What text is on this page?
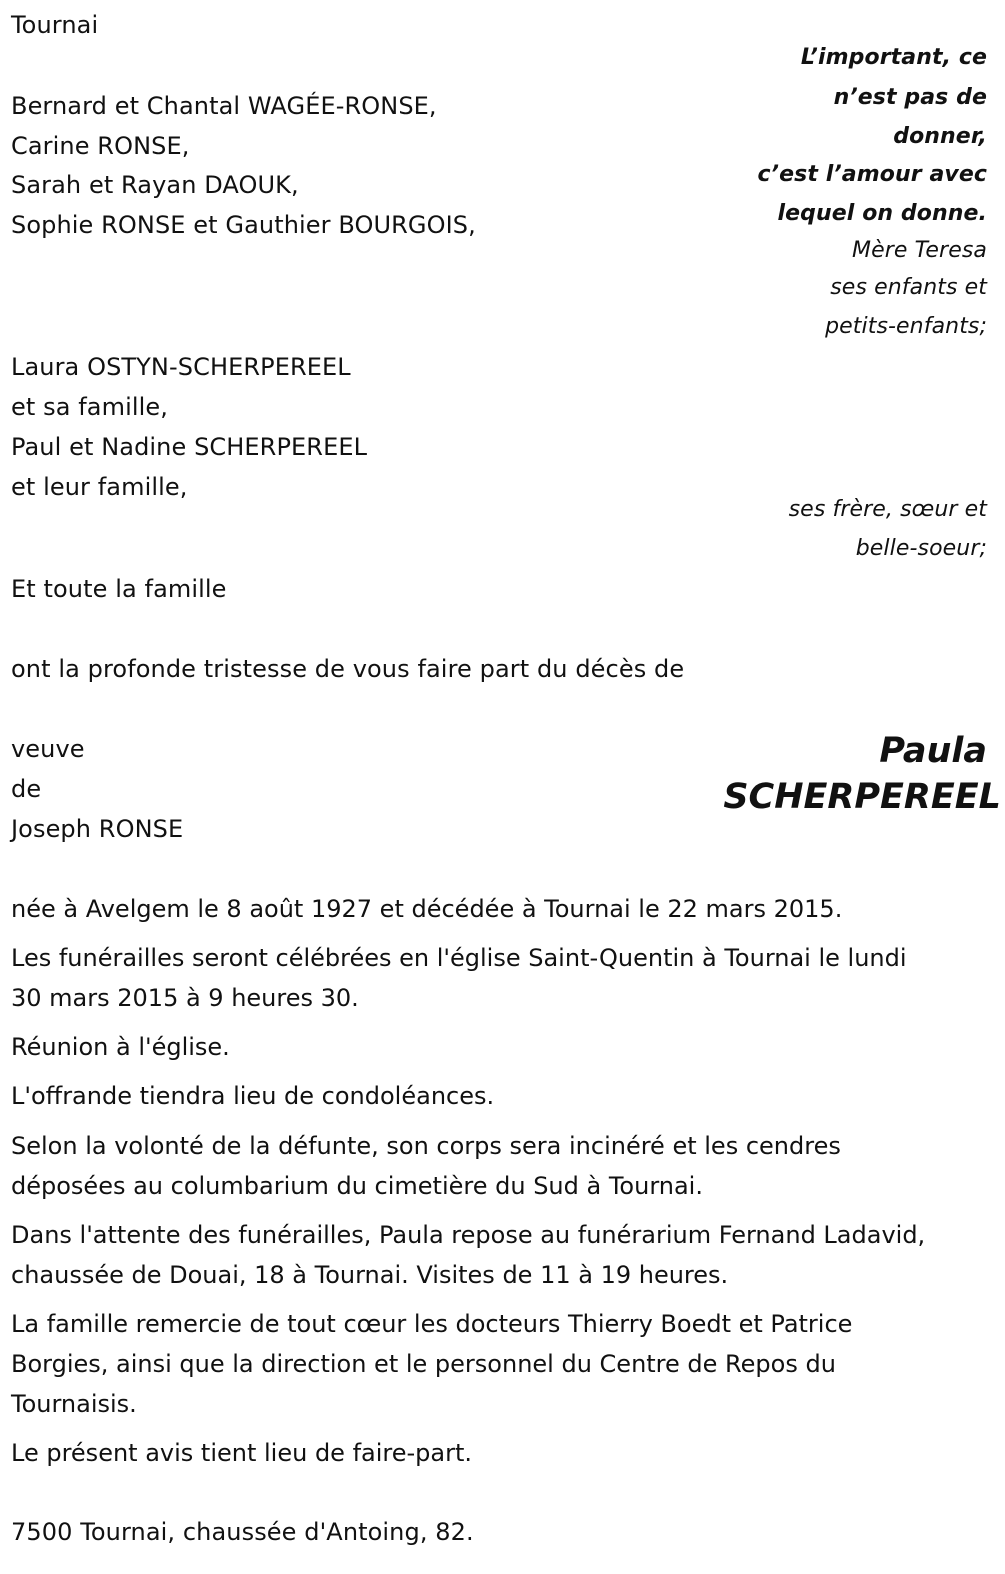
Tournai
L’important, ce
n’est pas de
donner,
c’est l’amour avec
lequel on donne.
Mère Teresa
Bernard et Chantal WAGÉE-RONSE,
Carine RONSE,
Sarah et Rayan DAOUK,
Sophie RONSE et Gauthier BOURGOIS,
ses enfants et
petits-enfants;
Laura OSTYN-SCHERPEREEL
et sa famille,
Paul et Nadine SCHERPEREEL
et leur famille,
ses frère, sœur et
belle-soeur;
Et toute la famille
ont la profonde tristesse de vous faire part du décès de
veuve
de
Joseph RONSE
Paula
SCHERPEREEL
née à Avelgem le 8 août 1927 et décédée à Tournai le 22 mars 2015.
Les funérailles seront célébrées en l'église Saint-Quentin à Tournai le lundi 30 mars 2015 à 9 heures 30.
Réunion à l'église.
L'offrande tiendra lieu de condoléances.
Selon la volonté de la défunte, son corps sera incinéré et les cendres déposées au columbarium du cimetière du Sud à Tournai.
Dans l'attente des funérailles, Paula repose au funérarium Fernand Ladavid, chaussée de Douai, 18 à Tournai. Visites de 11 à 19 heures.
La famille remercie de tout cœur les docteurs Thierry Boedt et Patrice Borgies, ainsi que la direction et le personnel du Centre de Repos du Tournaisis.
Le présent avis tient lieu de faire-part.
7500 Tournai, chaussée d'Antoing, 82.
